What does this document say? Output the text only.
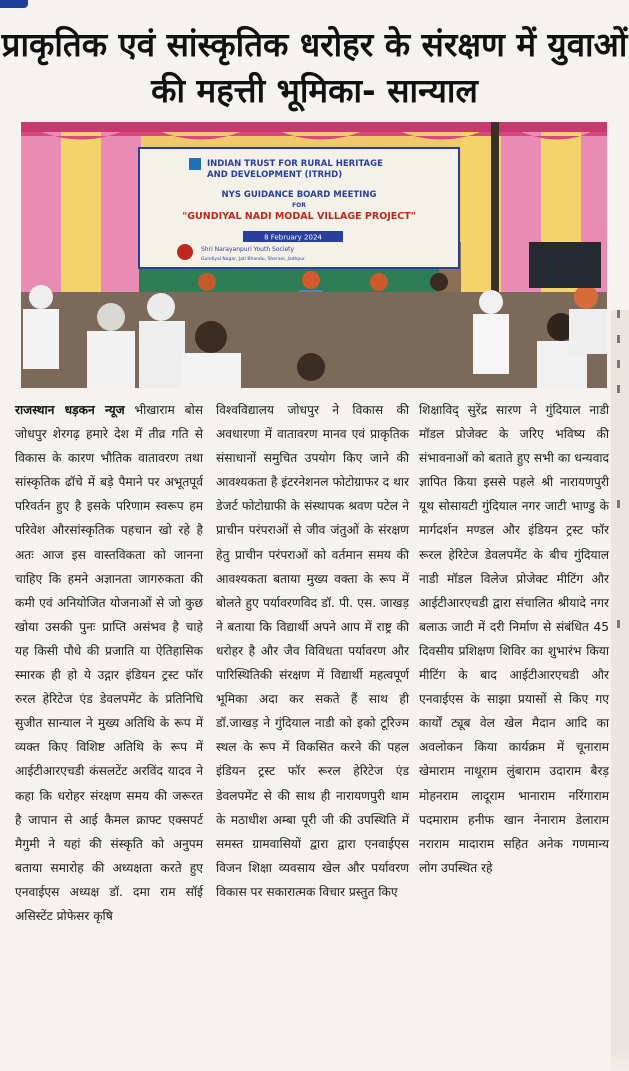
प्राकृतिक एवं सांस्कृतिक धरोहर के संरक्षण में युवाओं
की महत्ती भूमिका- सान्याल
INDIAN TRUST FOR RURAL HERITAGE
AND DEVELOPMENT (ITRHD)
NYS GUIDANCE BOARD MEETING
FOR
"GUNDIYAL NADI MODAL VILLAGE PROJECT"
8 February 2024
Shri Narayanpuri Youth Society
Gundiyal Nagar, Jati Bhandu, Sherani, Jodhpur
राजस्थान धड़कन न्यूज भीखाराम बोस जोधपुर शेरगढ़ हमारे देश में तीव्र गति से विकास के कारण भौतिक वातावरण तथा सांस्कृतिक ढॉचे में बड़े पैमाने पर अभूतपूर्व परिवर्तन हुए है इसके परिणाम स्वरूप हम परिवेश औरसांस्कृतिक पहचान खो रहे है अतः आज इस वास्तविकता को जानना चाहिए कि हमने अज्ञानता जागरुकता की कमी एवं अनियोजित योजनाओं से जो कुछ खोया उसकी पुनः प्राप्ति असंभव है चाहे यह किसी पौधे की प्रजाति या ऐतिहासिक स्मारक ही हो ये उद्गार इंडियन ट्रस्ट फॉर रुरल हेरिटेज एंड डेवलपमेंट के प्रतिनिधि सुजीत सान्याल ने मुख्य अतिथि के रूप में व्यक्त किए विशिष्ट अतिथि के रूप में आईटीआरएचडी कंसलटेंट अरविंद यादव ने कहा कि धरोहर संरक्षण समय की जरूरत है जापान से आई कैमल क्राफ्ट एक्सपर्ट मैगुमी ने यहां की संस्कृति को अनुपम बताया समारोह की अध्यक्षता करते हुए एनवाईएस अध्यक्ष डॉ. दमा राम सॉई असिस्टेंट प्रोफेसर कृषि
विश्वविद्यालय जोधपुर ने विकास की अवधारणा में वातावरण मानव एवं प्राकृतिक संसाधानों समुचित उपयोग किए जाने की आवश्यकता है इंटरनेशनल फोटोग्राफर द थार डेजर्ट फोटोग्राफी के संस्थापक श्रवण पटेल ने प्राचीन परंपराओं से जीव जंतुओं के संरक्षण हेतु प्राचीन परंपराओं को वर्तमान समय की आवश्यकता बताया मुख्य वक्ता के रूप में बोलते हुए पर्यावरणविद डॉ. पी. एस. जाखड़ ने बताया कि विद्यार्थी अपने आप में राष्ट्र की धरोहर है और जैव विविधता पर्यावरण और पारिस्थितिकी संरक्षण में विद्यार्थी महत्वपूर्ण भूमिका अदा कर सकते हैं साथ ही डॉ.जाखड़ ने गुंदियाल नाडी को इको टूरिज्म स्थल के रूप में विकसित करने की पहल इंडियन ट्रस्ट फॉर रूरल हेरिटेज एंड डेवलपमेंट से की साथ ही नारायणपुरी थाम के मठाधीश अम्बा पूरी जी की उपस्थिति में समस्त ग्रामवासियों द्वारा द्वारा एनवाईएस विजन शिक्षा व्यवसाय खेल और पर्यावरण विकास पर सकारात्मक विचार प्रस्तुत किए
शिक्षाविद् सुरेंद्र सारण ने गुंदियाल नाडी मॉडल प्रोजेक्ट के जरिए भविष्य की संभावनाओं को बताते हुए सभी का धन्यवाद ज्ञापित किया इससे पहले श्री नारायणपुरी यूथ सोसायटी गुंदियाल नगर जाटी भाण्डु के मार्गदर्शन मण्डल और इंडियन ट्रस्ट फॉर रूरल हेरिटेज डेवलपमेंट के बीच गुंदियाल नाडी मॉडल विलेज प्रोजेक्ट मीटिंग और आईटीआरएचडी द्वारा संचालित श्रीयादे नगर बलाऊ जाटी में दरी निर्माण से संबंधित 45 दिवसीय प्रशिक्षण शिविर का शुभारंभ किया मीटिंग के बाद आईटीआरएचडी और एनवाईएस के साझा प्रयासों से किए गए कार्यों ट्यूब वेल खेल मैदान आदि का अवलोकन किया कार्यक्रम में चूनाराम खेमाराम नाथूराम लुंबाराम उदाराम बैरड़ मोहनराम लादूराम भानाराम नरिंगाराम पदमाराम हनीफ खान नेनाराम डेलाराम नराराम मादाराम सहित अनेक गणमान्य लोग उपस्थित रहे
